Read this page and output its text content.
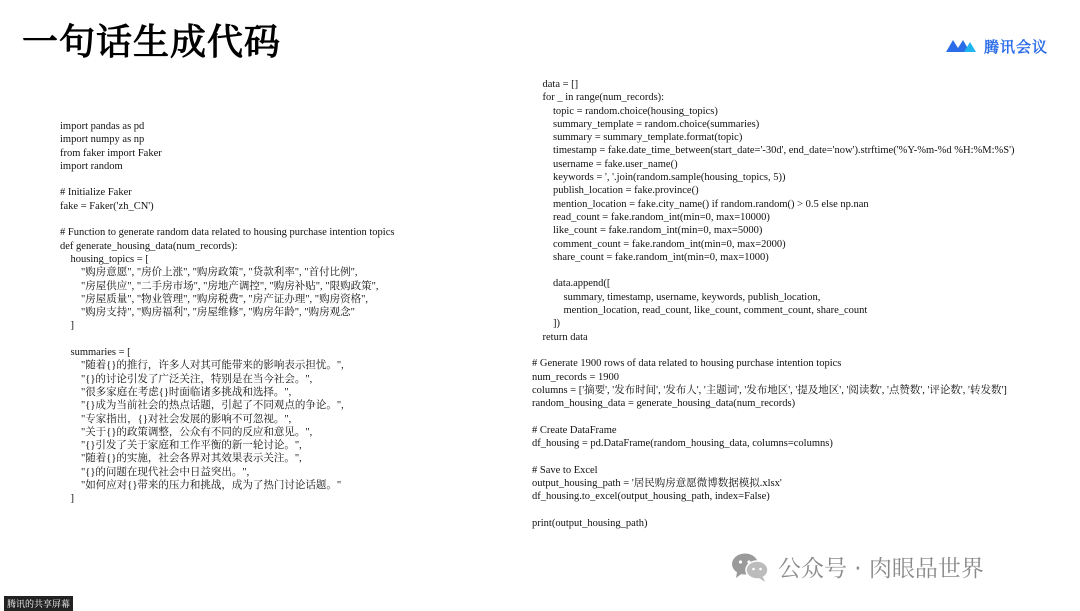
一句话生成代码	腾讯会议
import pandas as pd
import numpy as np
from faker import Faker
import random
# Initialize Faker
fake = Faker('zh_CN')
# Function to generate random data related to housing purchase intention topics
def generate_housing_data(num_records):
housing_topics = [
"购房意愿", "房价上涨", "购房政策", "贷款利率", "首付比例",
"房屋供应", "二手房市场", "房地产调控", "购房补贴", "限购政策",
"房屋质量", "物业管理", "购房税费", "房产证办理", "购房资格",
"购房支持", "购房福利", "房屋维修", "购房年龄", "购房观念"
]
summaries = [
"随着{}的推行，许多人对其可能带来的影响表示担忧。",
"{}的讨论引发了广泛关注，特别是在当今社会。",
"很多家庭在考虑{}时面临诸多挑战和选择。",
"{}成为当前社会的热点话题，引起了不同观点的争论。",
"专家指出，{}对社会发展的影响不可忽视。",
"关于{}的政策调整，公众有不同的反应和意见。",
"{}引发了关于家庭和工作平衡的新一轮讨论。",
"随着{}的实施，社会各界对其效果表示关注。",
"{}的问题在现代社会中日益突出。",
"如何应对{}带来的压力和挑战，成为了热门讨论话题。"
]
data = []
for _ in range(num_records):
topic = random.choice(housing_topics)
summary_template = random.choice(summaries)
summary = summary_template.format(topic)
timestamp = fake.date_time_between(start_date='-30d', end_date='now').strftime('%Y-%m-%d %H:%M:%S')
username = fake.user_name()
keywords = ', '.join(random.sample(housing_topics, 5))
publish_location = fake.province()
mention_location = fake.city_name() if random.random() > 0.5 else np.nan
read_count = fake.random_int(min=0, max=10000)
like_count = fake.random_int(min=0, max=5000)
comment_count = fake.random_int(min=0, max=2000)
share_count = fake.random_int(min=0, max=1000)
data.append([
summary, timestamp, username, keywords, publish_location,
mention_location, read_count, like_count, comment_count, share_count
])
return data
# Generate 1900 rows of data related to housing purchase intention topics
num_records = 1900
columns = ['摘要', '发布时间', '发布人', '主题词', '发布地区', '提及地区', '阅读数', '点赞数', '评论数', '转发数']
random_housing_data = generate_housing_data(num_records)
# Create DataFrame
df_housing = pd.DataFrame(random_housing_data, columns=columns)
# Save to Excel
output_housing_path = '居民购房意愿微博数据模拟.xlsx'
df_housing.to_excel(output_housing_path, index=False)
print(output_housing_path)
公众号 · 肉眼品世界
腾讯的共享屏幕
